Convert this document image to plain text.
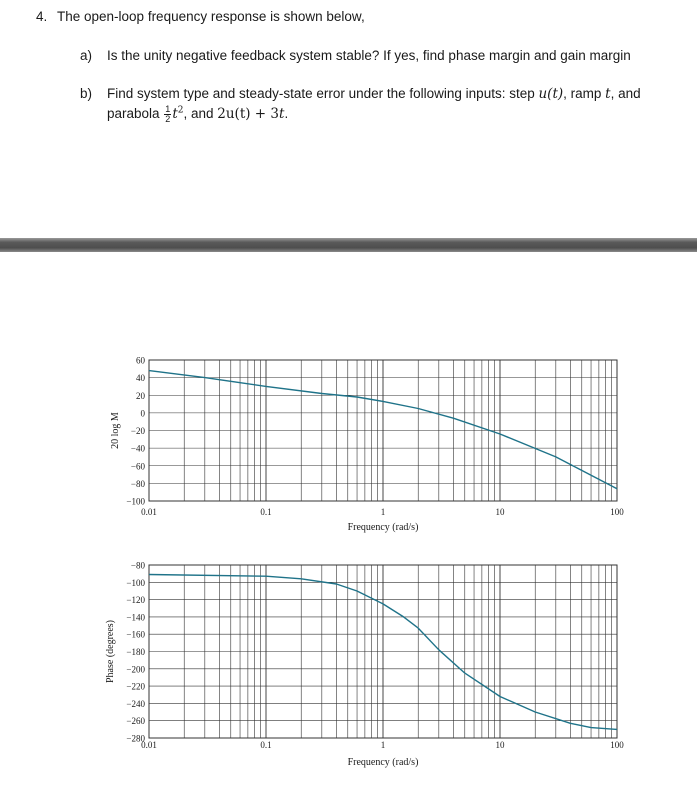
4. The open-loop frequency response is shown below,
a) Is the unity negative feedback system stable? If yes, find phase margin and gain margin
b) Find system type and steady-state error under the following inputs: step u(t), ramp t, and
parabola $\frac{1}{2} t^2$, and 2u(t) + 3t.
60
40
20
0
−20
−40
−60
−80
−100
0.01	0.1	1	10	100
Frequency (rad/s)
20 log M
−80
−100
−120
−140
−160
−180
−200
−220
−240
−260
−280
0.01	0.1	1	10	100
Frequency (rad/s)
Phase (degrees)
